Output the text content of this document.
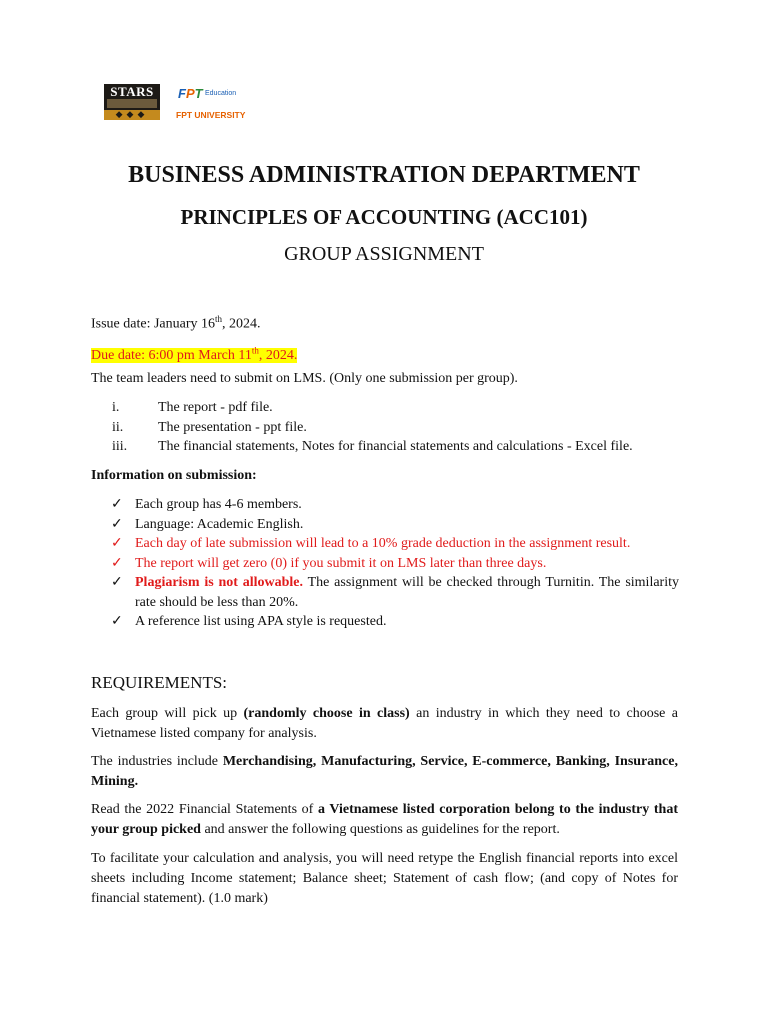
STARS
◆◆◆
FPT Education
FPT UNIVERSITY
BUSINESS ADMINISTRATION DEPARTMENT
PRINCIPLES OF ACCOUNTING (ACC101)
GROUP ASSIGNMENT
Issue date: January 16th, 2024.
Due date: 6:00 pm March 11th, 2024.
The team leaders need to submit on LMS. (Only one submission per group).
i.	The report - pdf file.
ii.	The presentation - ppt file.
iii.	The financial statements, Notes for financial statements and calculations - Excel file.
Information on submission:
✓ Each group has 4-6 members.
✓ Language: Academic English.
✓ Each day of late submission will lead to a 10% grade deduction in the assignment result.
✓ The report will get zero (0) if you submit it on LMS later than three days.
✓ Plagiarism is not allowable. The assignment will be checked through Turnitin. The similarity rate should be less than 20%.
✓ A reference list using APA style is requested.
REQUIREMENTS:
Each group will pick up (randomly choose in class) an industry in which they need to choose a Vietnamese listed company for analysis.
The industries include Merchandising, Manufacturing, Service, E-commerce, Banking, Insurance, Mining.
Read the 2022 Financial Statements of a Vietnamese listed corporation belong to the industry that your group picked and answer the following questions as guidelines for the report.
To facilitate your calculation and analysis, you will need retype the English financial reports into excel sheets including Income statement; Balance sheet; Statement of cash flow; (and copy of Notes for financial statement). (1.0 mark)
